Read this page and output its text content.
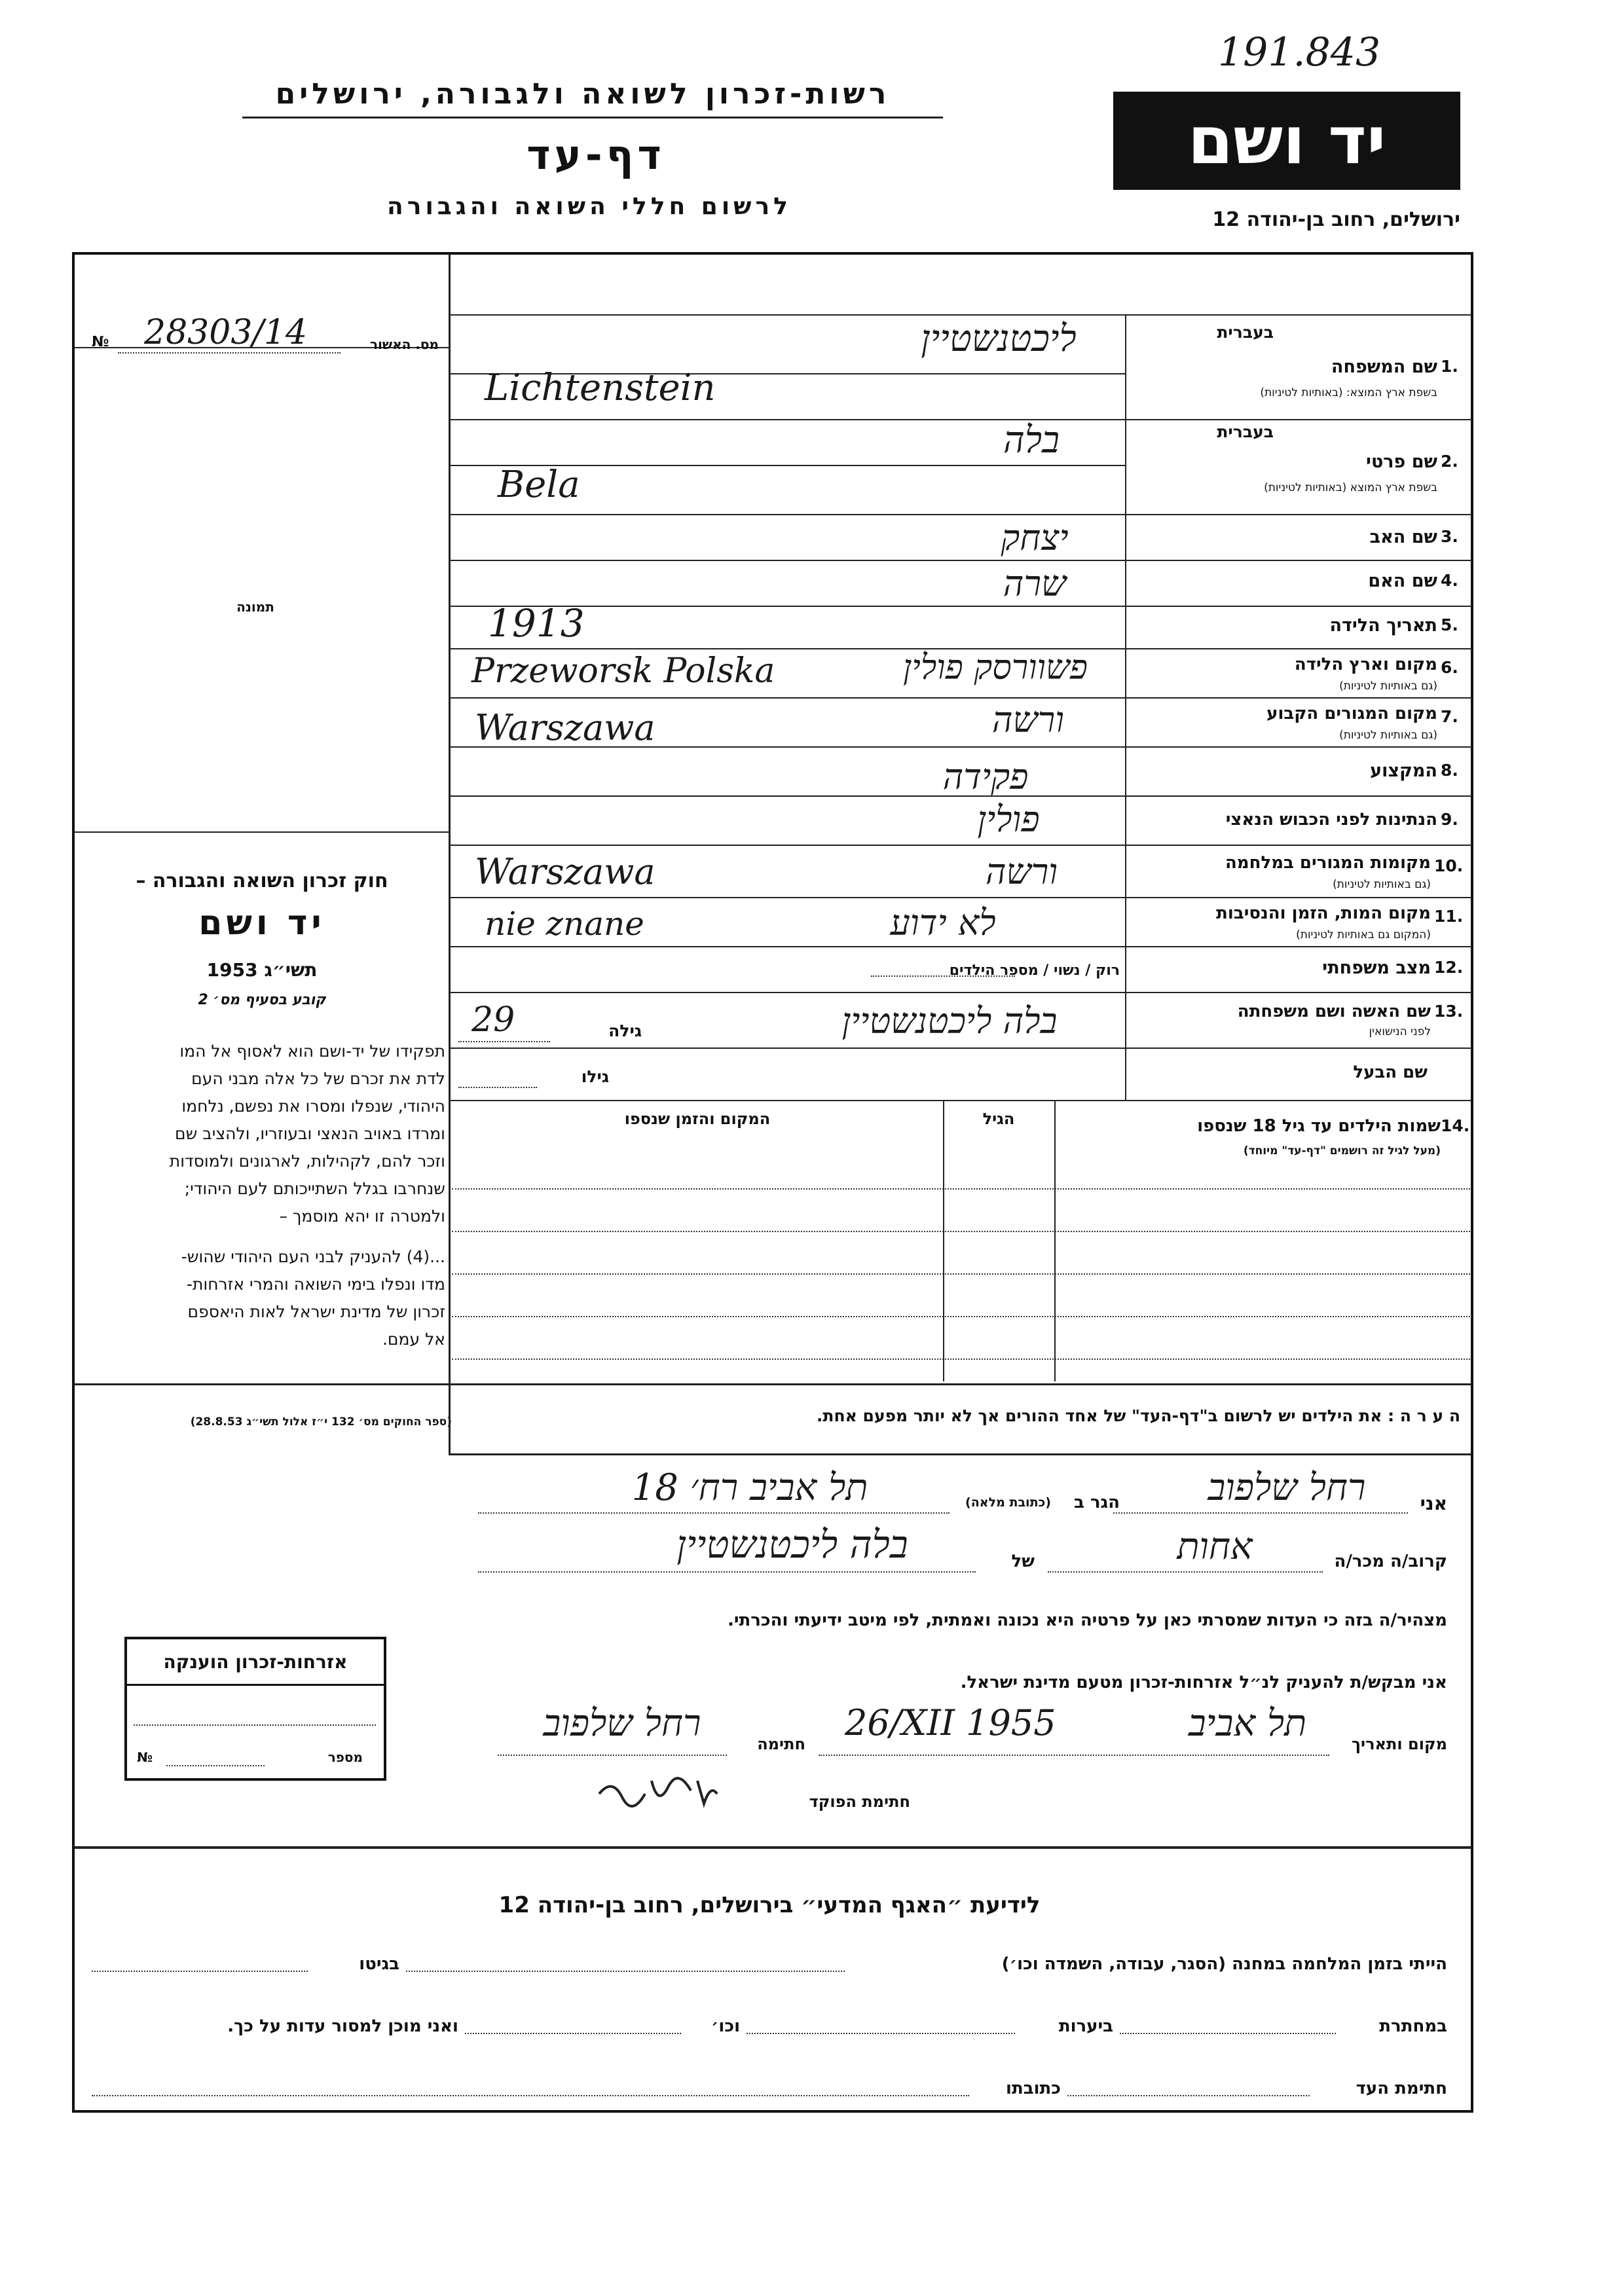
191.843
רשות-זכרון לשואה ולגבורה, ירושלים
דף-עד
לרשום חללי השואה והגבורה
יד ושם
ירושלים, רחוב בן-יהודה 12
№ 28303/14	מס. האשור
תמונה
חוק זכרון השואה והגבורה –
יד ושם
תשי״ג 1953
קובע בסעיף מס׳ 2
תפקידו של יד-ושם הוא לאסוף אל המו
לדת את זכרם של כל אלה מבני העם
היהודי, שנפלו ומסרו את נפשם, נלחמו
ומרדו באויב הנאצי ובעוזריו, ולהציב שם
וזכר להם, לקהילות, לארגונים ולמוסדות
שנחרבו בגלל השתייכותם לעם היהודי;
ולמטרה זו יהא מוסמך –
...(4) להעניק לבני העם היהודי שהוש-
מדו ונפלו בימי השואה והמרי אזרחות-
זכרון של מדינת ישראל לאות היאספם
אל עמם.
(ספר החוקים מס׳ 132 י״ז אלול תשי״ג 28.8.53)
בעברית
שם המשפחה 1.
בשפת ארץ המוצא: (באותיות לטיניות)
בעברית
שם פרטי 2.
בשפת ארץ המוצא (באותיות לטיניות)
שם האב 3.
שם האם 4.
תאריך הלידה 5.
מקום וארץ הלידה 6.
(גם באותיות לטיניות)
מקום המגורים הקבוע 7.
(גם באותיות לטיניות)
המקצוע 8.
הנתינות לפני הכבוש הנאצי 9.
מקומות המגורים במלחמה 10.
(גם באותיות לטיניות)
מקום המות, הזמן והנסיבות 11.
(המקום גם באותיות לטיניות)
מצב משפחתי 12.
רוק / נשוי / מספר הילדים
שם האשה ושם משפחתה 13.
לפני הנישואין
שם הבעל
ליכטנשטיין
Lichtenstein
בלה
Bela
יצחק
שרה
1913
פשוורסק פולין
Przeworsk Polska
ורשה
Warszawa
פקידה
פולין
ורשה
Warszawa
לא ידוע
nie znane
בלה ליכטנשטיין
גילה
29
גילו
שמות הילדים עד גיל 18 שנספו 14.
(מעל לגיל זה רושמים "דף-עד" מיוחד)
הגיל
המקום והזמן שנספו
ה ע ר ה : את הילדים יש לרשום ב"דף-העד" של אחד ההורים אך לא יותר מפעם אחת.
אני
רחל שלפוב
הגר ב
(כתובת מלאה)
תל אביב רח׳ 18
קרוב/ה מכר/ה
אחות
של
בלה ליכטנשטיין
מצהיר/ה בזה כי העדות שמסרתי כאן על פרטיה היא נכונה ואמתית, לפי מיטב ידיעתי והכרתי.
אני מבקש/ת להעניק לנ״ל אזרחות-זכרון מטעם מדינת ישראל.
מקום ותאריך
תל אביב
26/XII 1955
חתימה
רחל שלפוב
חתימת הפוקד
אזרחות-זכרון הוענקה
מספר
№
לידיעת ״האגף המדעי״ בירושלים, רחוב בן-יהודה 12
הייתי בזמן המלחמה במחנה (הסגר, עבודה, השמדה וכו׳)
בגיטו
במחתרת
ביערות
וכו׳
ואני מוכן למסור עדות על כך.
חתימת העד
כתובתו
